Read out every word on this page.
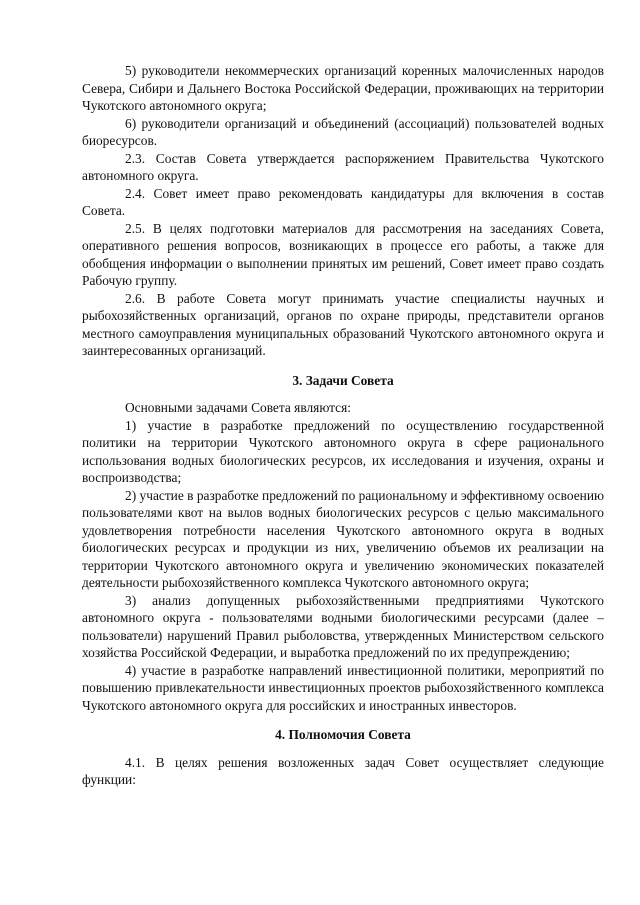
5) руководители некоммерческих организаций коренных малочисленных народов Севера, Сибири и Дальнего Востока Российской Федерации, проживающих на территории Чукотского автономного округа;

6) руководители организаций и объединений (ассоциаций) пользователей водных биоресурсов.

2.3. Состав Совета утверждается распоряжением Правительства Чукотского автономного округа.

2.4. Совет имеет право рекомендовать кандидатуры для включения в состав Совета.

2.5. В целях подготовки материалов для рассмотрения на заседаниях Совета, оперативного решения вопросов, возникающих в процессе его работы, а также для обобщения информации о выполнении принятых им решений, Совет имеет право создать Рабочую группу.

2.6. В работе Совета могут принимать участие специалисты научных и рыбохозяйственных организаций, органов по охране природы, представители органов местного самоуправления муниципальных образований Чукотского автономного округа и заинтересованных организаций.

3. Задачи Совета

Основными задачами Совета являются:

1) участие в разработке предложений по осуществлению государственной политики на территории Чукотского автономного округа в сфере рационального использования водных биологических ресурсов, их исследования и изучения, охраны и воспроизводства;

2) участие в разработке предложений по рациональному и эффективному освоению пользователями квот на вылов водных биологических ресурсов с целью максимального удовлетворения потребности населения Чукотского автономного округа в водных биологических ресурсах и продукции из них, увеличению объемов их реализации на территории Чукотского автономного округа и увеличению экономических показателей деятельности рыбохозяйственного комплекса Чукотского автономного округа;

3) анализ допущенных рыбохозяйственными предприятиями Чукотского автономного округа - пользователями водными биологическими ресурсами (далее – пользователи) нарушений Правил рыболовства, утвержденных Министерством сельского хозяйства Российской Федерации, и выработка предложений по их предупреждению;

4) участие в разработке направлений инвестиционной политики, мероприятий по повышению привлекательности инвестиционных проектов рыбохозяйственного комплекса Чукотского автономного округа для российских и иностранных инвесторов.

4. Полномочия Совета

4.1. В целях решения возложенных задач Совет осуществляет следующие функции:
